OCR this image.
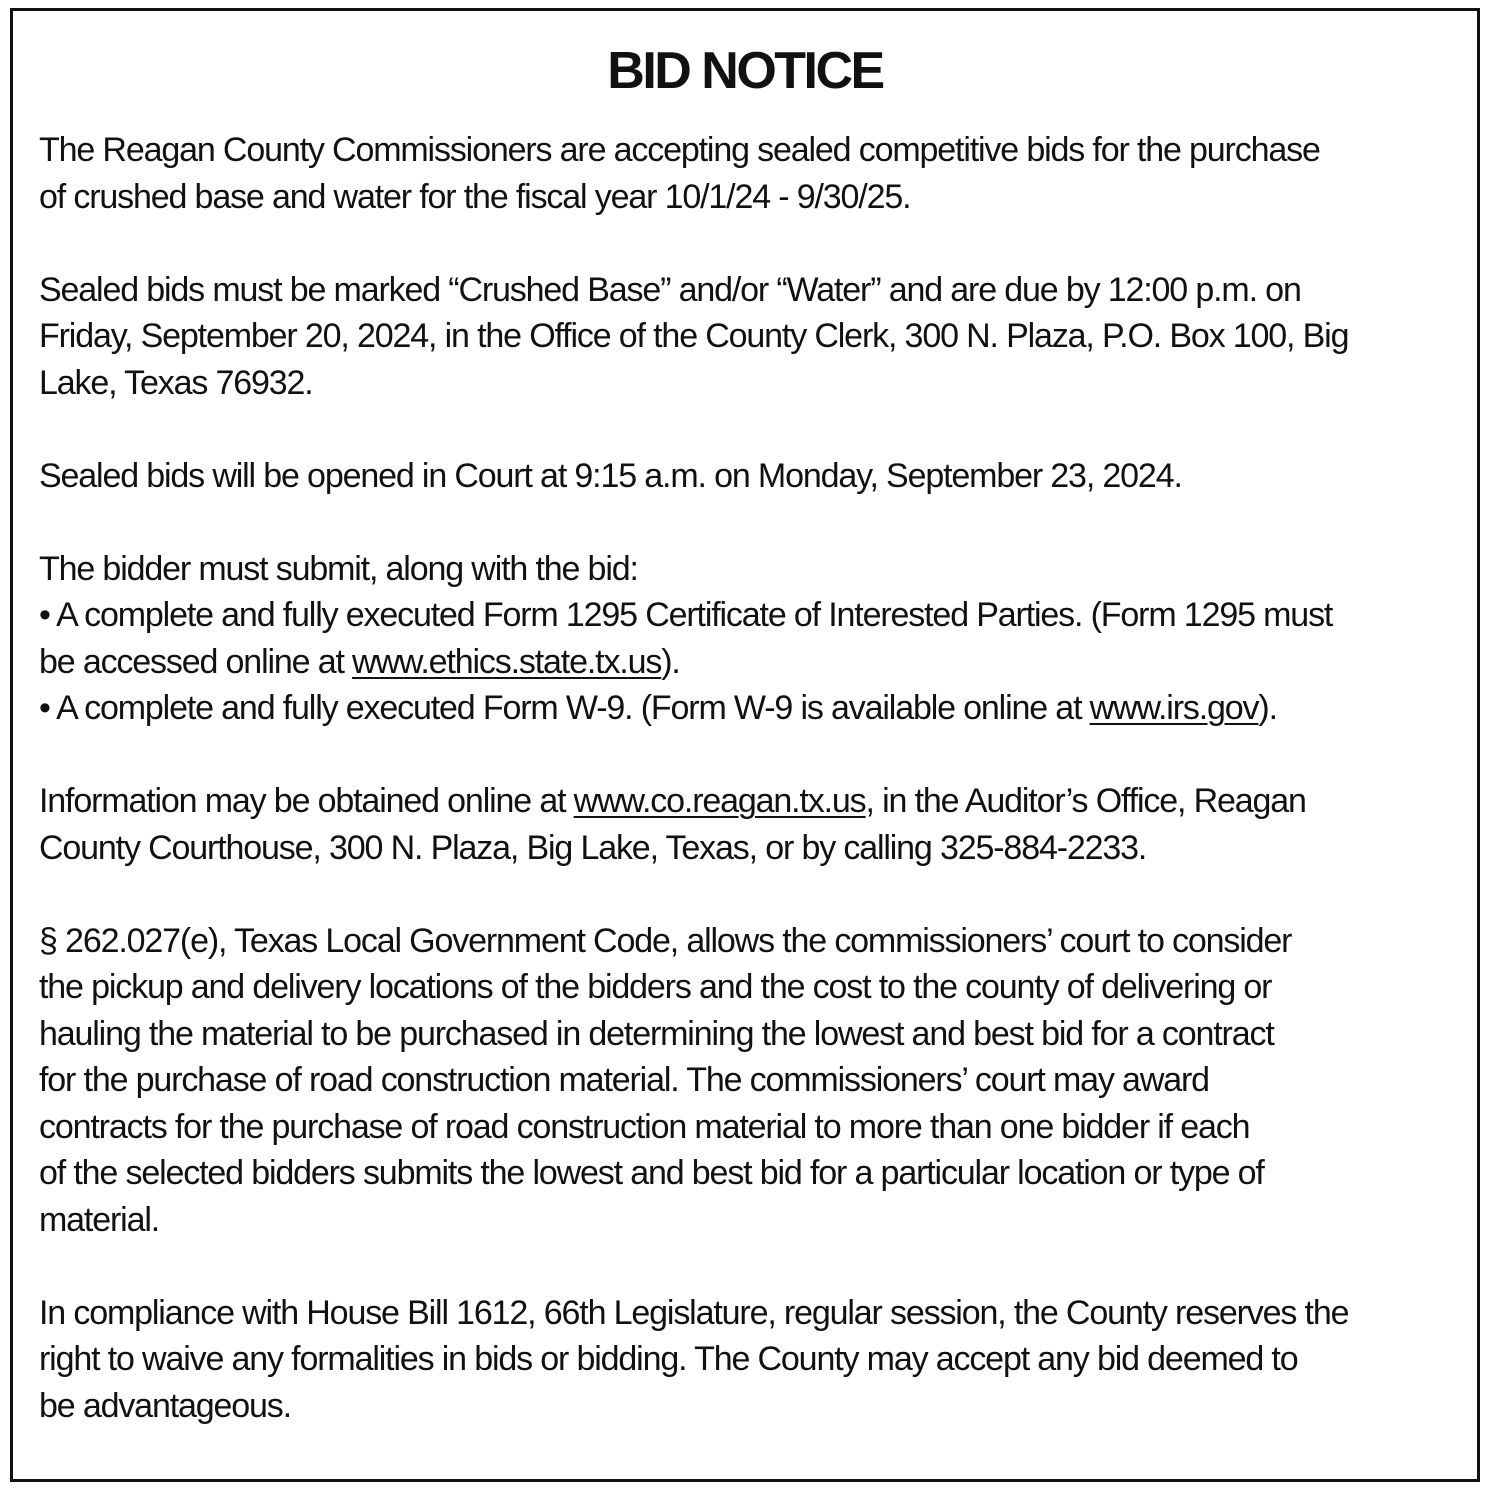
BID NOTICE
The Reagan County Commissioners are accepting sealed competitive bids for the purchase
of crushed base and water for the fiscal year 10/1/24 - 9/30/25.
Sealed bids must be marked “Crushed Base” and/or “Water” and are due by 12:00 p.m. on
Friday, September 20, 2024, in the Office of the County Clerk, 300 N. Plaza, P.O. Box 100, Big
Lake, Texas 76932.
Sealed bids will be opened in Court at 9:15 a.m. on Monday, September 23, 2024.
The bidder must submit, along with the bid:
• A complete and fully executed Form 1295 Certificate of Interested Parties. (Form 1295 must
be accessed online at www.ethics.state.tx.us).
• A complete and fully executed Form W-9. (Form W-9 is available online at www.irs.gov).
Information may be obtained online at www.co.reagan.tx.us, in the Auditor’s Office, Reagan
County Courthouse, 300 N. Plaza, Big Lake, Texas, or by calling 325-884-2233.
§ 262.027(e), Texas Local Government Code, allows the commissioners’ court to consider
the pickup and delivery locations of the bidders and the cost to the county of delivering or
hauling the material to be purchased in determining the lowest and best bid for a contract
for the purchase of road construction material. The commissioners’ court may award
contracts for the purchase of road construction material to more than one bidder if each
of the selected bidders submits the lowest and best bid for a particular location or type of
material.
In compliance with House Bill 1612, 66th Legislature, regular session, the County reserves the
right to waive any formalities in bids or bidding. The County may accept any bid deemed to
be advantageous.
